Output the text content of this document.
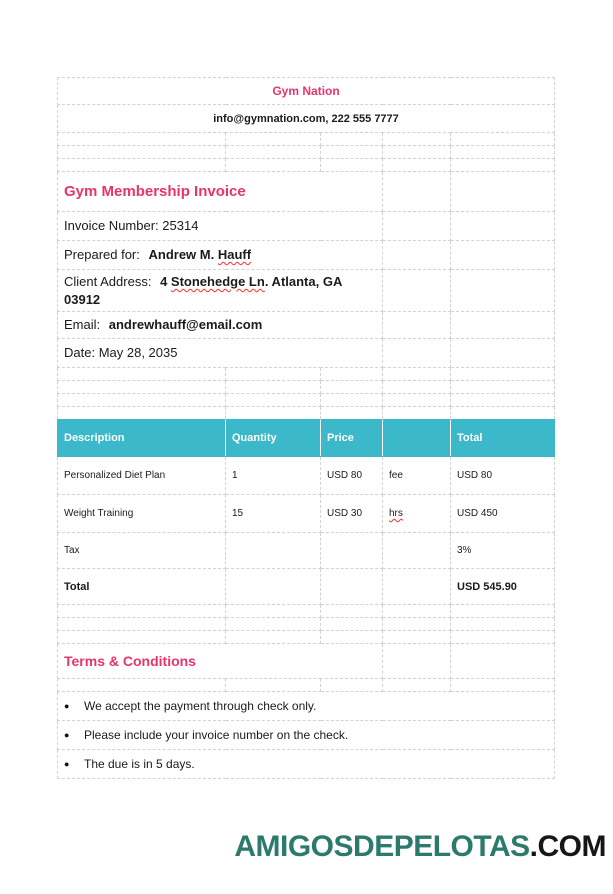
Gym Nation				
info@gymnation.com, 222 555 7777				

Gym Membership Invoice				
Invoice Number: 25314				
Prepared for: Andrew M. Hauff				
Client Address: 4 Stonehedge Ln. Atlanta, GA 03912				
Email: andrewhauff@email.com				
Date: May 28, 2035				

Description	Quantity	Price		Total
Personalized Diet Plan	1	USD 80	fee	USD 80
Weight Training	15	USD 30	hrs	USD 450
Tax				3%
Total				USD 545.90

Terms & Conditions				

● We accept the payment through check only.				
● Please include your invoice number on the check.				
● The due is in 5 days.				
AMIGOSDEPELOTAS.COM
